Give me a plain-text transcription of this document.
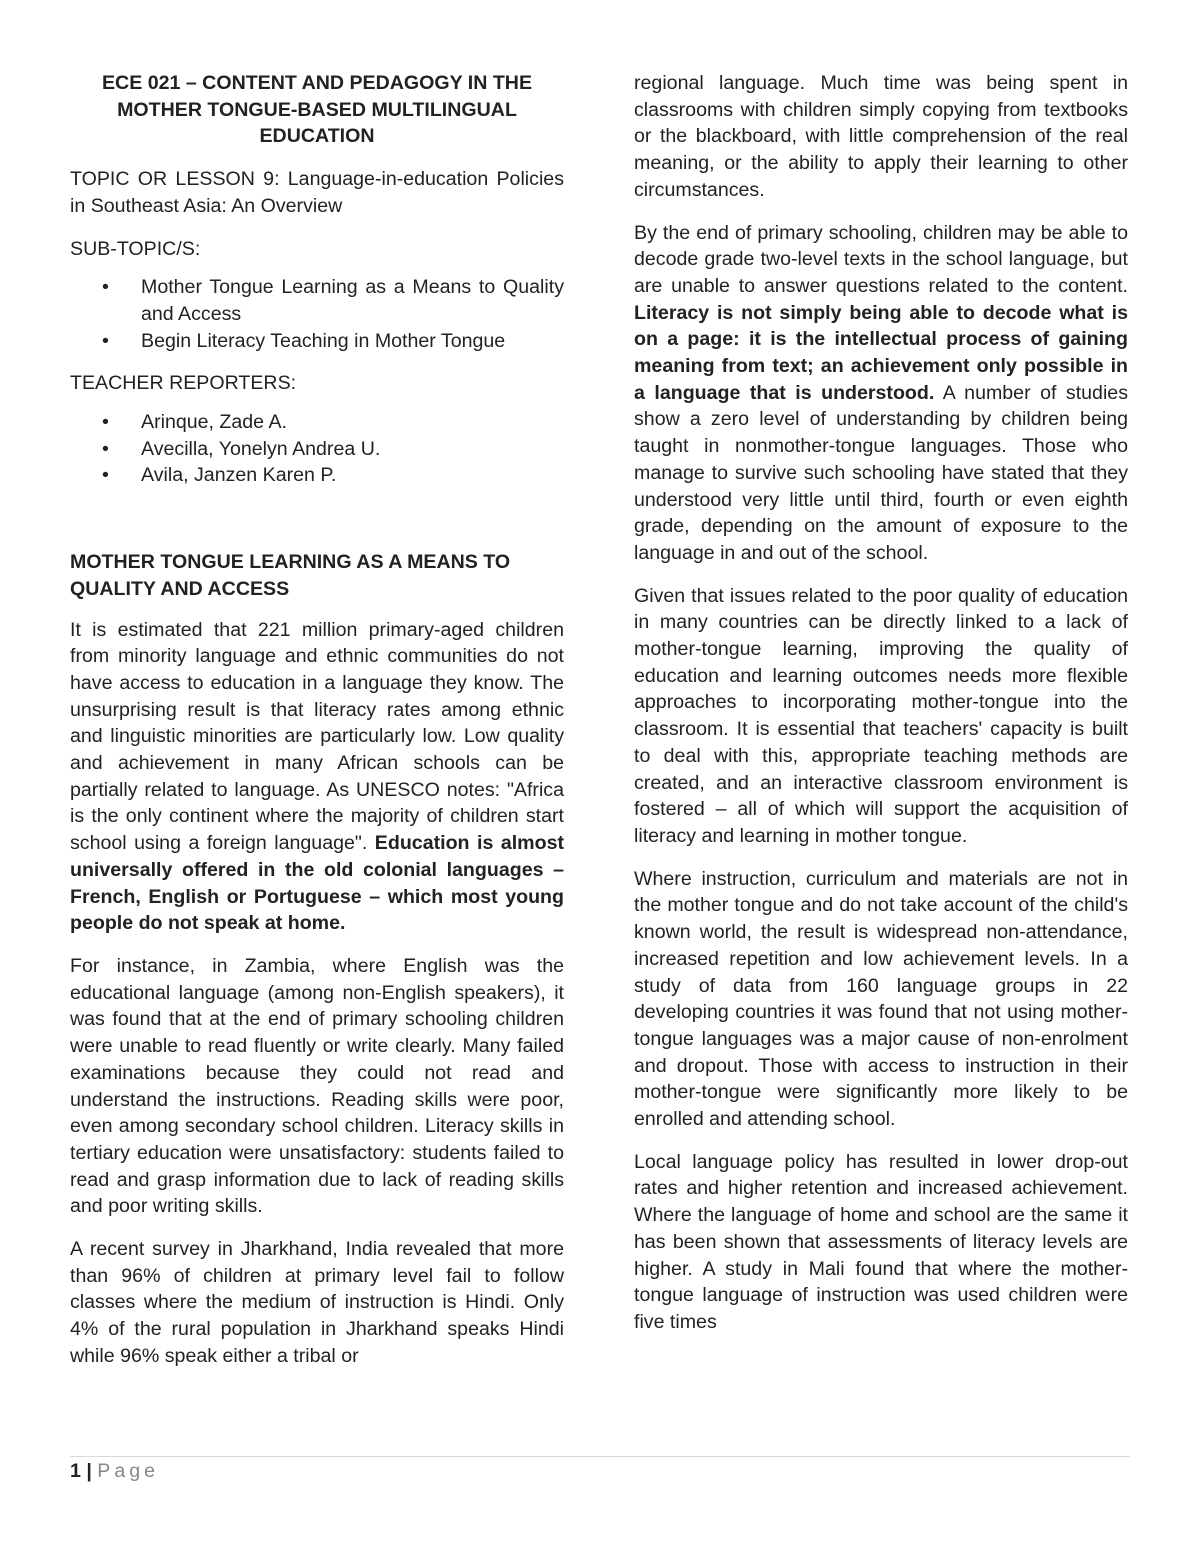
ECE 021 – CONTENT AND PEDAGOGY IN THE MOTHER TONGUE-BASED MULTILINGUAL EDUCATION

TOPIC OR LESSON 9: Language-in-education Policies in Southeast Asia: An Overview

SUB-TOPIC/S:

• Mother Tongue Learning as a Means to Quality and Access
• Begin Literacy Teaching in Mother Tongue

TEACHER REPORTERS:

• Arinque, Zade A.
• Avecilla, Yonelyn Andrea U.
• Avila, Janzen Karen P.
MOTHER TONGUE LEARNING AS A MEANS TO QUALITY AND ACCESS

It is estimated that 221 million primary-aged children from minority language and ethnic communities do not have access to education in a language they know. The unsurprising result is that literacy rates among ethnic and linguistic minorities are particularly low. Low quality and achievement in many African schools can be partially related to language. As UNESCO notes: "Africa is the only continent where the majority of children start school using a foreign language". Education is almost universally offered in the old colonial languages – French, English or Portuguese – which most young people do not speak at home.

For instance, in Zambia, where English was the educational language (among non-English speakers), it was found that at the end of primary schooling children were unable to read fluently or write clearly. Many failed examinations because they could not read and understand the instructions. Reading skills were poor, even among secondary school children. Literacy skills in tertiary education were unsatisfactory: students failed to read and grasp information due to lack of reading skills and poor writing skills.

A recent survey in Jharkhand, India revealed that more than 96% of children at primary level fail to follow classes where the medium of instruction is Hindi. Only 4% of the rural population in Jharkhand speaks Hindi while 96% speak either a tribal or

regional language. Much time was being spent in classrooms with children simply copying from textbooks or the blackboard, with little comprehension of the real meaning, or the ability to apply their learning to other circumstances.

By the end of primary schooling, children may be able to decode grade two-level texts in the school language, but are unable to answer questions related to the content. Literacy is not simply being able to decode what is on a page: it is the intellectual process of gaining meaning from text; an achievement only possible in a language that is understood. A number of studies show a zero level of understanding by children being taught in nonmother-tongue languages. Those who manage to survive such schooling have stated that they understood very little until third, fourth or even eighth grade, depending on the amount of exposure to the language in and out of the school.

Given that issues related to the poor quality of education in many countries can be directly linked to a lack of mother-tongue learning, improving the quality of education and learning outcomes needs more flexible approaches to incorporating mother-tongue into the classroom. It is essential that teachers' capacity is built to deal with this, appropriate teaching methods are created, and an interactive classroom environment is fostered – all of which will support the acquisition of literacy and learning in mother tongue.

Where instruction, curriculum and materials are not in the mother tongue and do not take account of the child's known world, the result is widespread non-attendance, increased repetition and low achievement levels. In a study of data from 160 language groups in 22 developing countries it was found that not using mother-tongue languages was a major cause of non-enrolment and dropout. Those with access to instruction in their mother-tongue were significantly more likely to be enrolled and attending school.

Local language policy has resulted in lower drop-out rates and higher retention and increased achievement. Where the language of home and school are the same it has been shown that assessments of literacy levels are higher. A study in Mali found that where the mother-tongue language of instruction was used children were five times

1 | Page
